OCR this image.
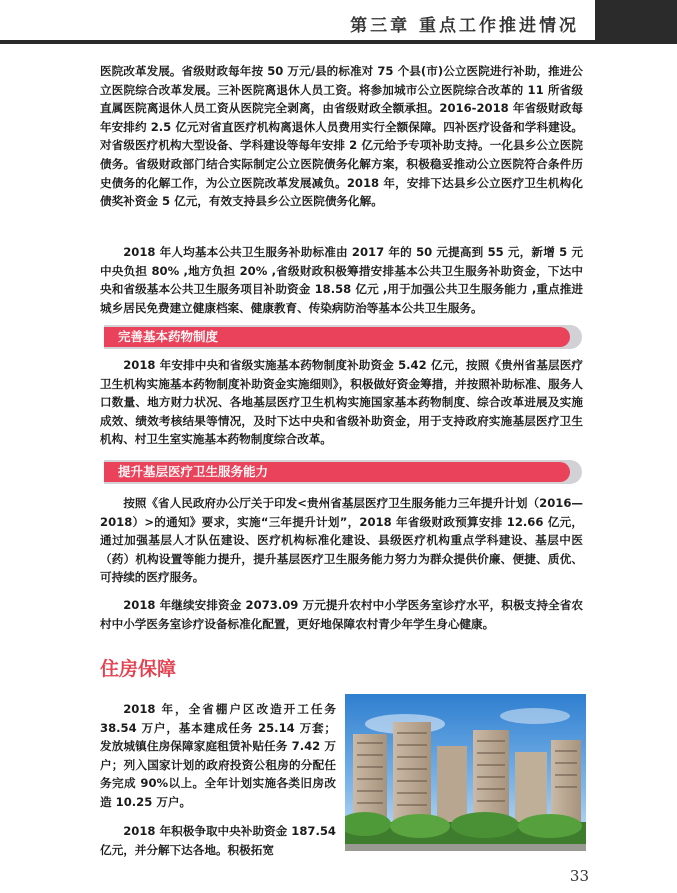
第三章 重点工作推进情况

医院改革发展。省级财政每年按 50 万元/县的标准对 75 个县(市)公立医院进行补助，推进公立医院综合改革发展。三补医院离退休人员工资。将参加城市公立医院综合改革的 11 所省级直属医院离退休人员工资从医院完全剥离，由省级财政全额承担。2016-2018 年省级财政每年安排约 2.5 亿元对省直医疗机构离退休人员费用实行全额保障。四补医疗设备和学科建设。对省级医疗机构大型设备、学科建设等每年安排 2 亿元给予专项补助支持。一化县乡公立医院债务。省级财政部门结合实际制定公立医院债务化解方案，积极稳妥推动公立医院符合条件历史债务的化解工作，为公立医院改革发展减负。2018 年，安排下达县乡公立医疗卫生机构化债奖补资金 5 亿元，有效支持县乡公立医院债务化解。

2018 年人均基本公共卫生服务补助标准由 2017 年的 50 元提高到 55 元，新增 5 元中央负担 80% ,地方负担 20% ,省级财政积极筹措安排基本公共卫生服务补助资金，下达中央和省级基本公共卫生服务项目补助资金 18.58 亿元 ,用于加强公共卫生服务能力 ,重点推进城乡居民免费建立健康档案、健康教育、传染病防治等基本公共卫生服务。

完善基本药物制度

2018 年安排中央和省级实施基本药物制度补助资金 5.42 亿元，按照《贵州省基层医疗卫生机构实施基本药物制度补助资金实施细则》，积极做好资金筹措，并按照补助标准、服务人口数量、地方财力状况、各地基层医疗卫生机构实施国家基本药物制度、综合改革进展及实施成效、绩效考核结果等情况，及时下达中央和省级补助资金，用于支持政府实施基层医疗卫生机构、村卫生室实施基本药物制度综合改革。

提升基层医疗卫生服务能力

按照《省人民政府办公厅关于印发<贵州省基层医疗卫生服务能力三年提升计划（2016—2018）>的通知》要求，实施“三年提升计划”，2018 年省级财政预算安排 12.66 亿元，通过加强基层人才队伍建设、医疗机构标准化建设、县级医疗机构重点学科建设、基层中医（药）机构设置等能力提升，提升基层医疗卫生服务能力努力为群众提供价廉、便捷、质优、可持续的医疗服务。

2018 年继续安排资金 2073.09 万元提升农村中小学医务室诊疗水平，积极支持全省农村中小学医务室诊疗设备标准化配置，更好地保障农村青少年学生身心健康。

住房保障

2018 年，全省棚户区改造开工任务 38.54 万户，基本建成任务 25.14 万套；发放城镇住房保障家庭租赁补贴任务 7.42 万户；列入国家计划的政府投资公租房的分配任务完成 90%以上。全年计划实施各类旧房改造 10.25 万户。

2018 年积极争取中央补助资金 187.54 亿元，并分解下达各地。积极拓宽

33
